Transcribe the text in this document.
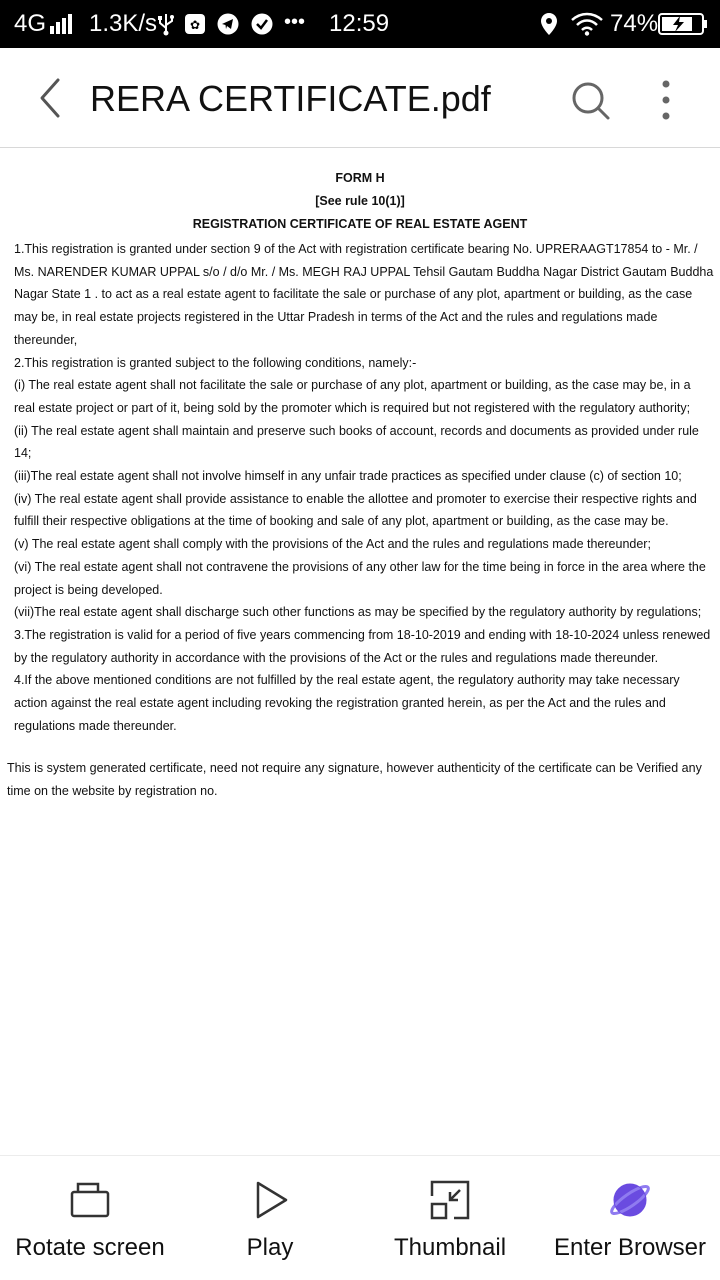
4G 1.3K/s	✿	••• 12:59	74%
RERA CERTIFICATE.pdf
FORM H
[See rule 10(1)]
REGISTRATION CERTIFICATE OF REAL ESTATE AGENT

1.This registration is granted under section 9 of the Act with registration certificate bearing No. UPRERAAGT17854 to - Mr. / Ms. NARENDER KUMAR UPPAL s/o / d/o Mr. / Ms. MEGH RAJ UPPAL Tehsil Gautam Buddha Nagar District Gautam Buddha Nagar State 1 . to act as a real estate agent to facilitate the sale or purchase of any plot, apartment or building, as the case may be, in real estate projects registered in the Uttar Pradesh in terms of the Act and the rules and regulations made thereunder,

2.This registration is granted subject to the following conditions, namely:-

(i) The real estate agent shall not facilitate the sale or purchase of any plot, apartment or building, as the case may be, in a real estate project or part of it, being sold by the promoter which is required but not registered with the regulatory authority;

(ii) The real estate agent shall maintain and preserve such books of account, records and documents as provided under rule 14;

(iii)The real estate agent shall not involve himself in any unfair trade practices as specified under clause (c) of section 10;

(iv) The real estate agent shall provide assistance to enable the allottee and promoter to exercise their respective rights and fulfill their respective obligations at the time of booking and sale of any plot, apartment or building, as the case may be.

(v) The real estate agent shall comply with the provisions of the Act and the rules and regulations made thereunder;

(vi) The real estate agent shall not contravene the provisions of any other law for the time being in force in the area where the project is being developed.

(vii)The real estate agent shall discharge such other functions as may be specified by the regulatory authority by regulations;

3.The registration is valid for a period of five years commencing from 18-10-2019 and ending with 18-10-2024 unless renewed by the regulatory authority in accordance with the provisions of the Act or the rules and regulations made thereunder.

4.If the above mentioned conditions are not fulfilled by the real estate agent, the regulatory authority may take necessary action against the real estate agent including revoking the registration granted herein, as per the Act and the rules and regulations made thereunder.

This is system generated certificate, need not require any signature, however authenticity of the certificate can be Verified any time on the website by registration no.
Rotate screen	Play	Thumbnail	Enter Browser
